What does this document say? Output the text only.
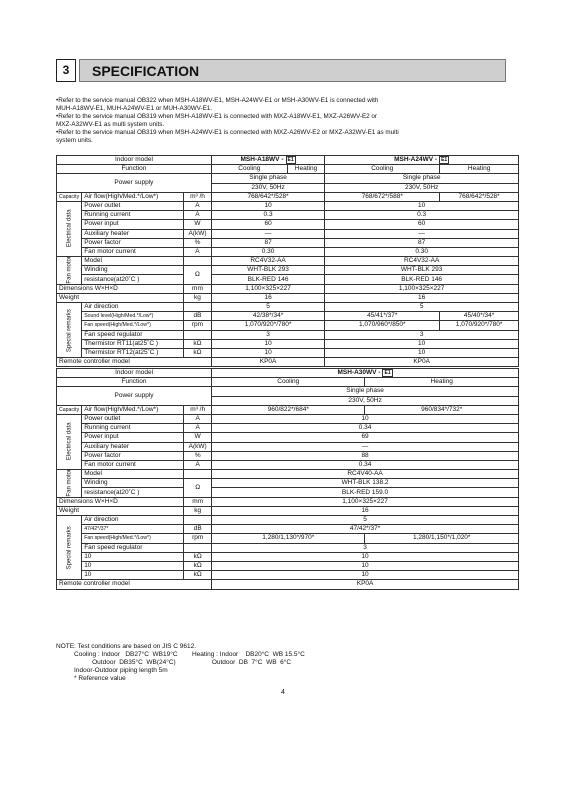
3	SPECIFICATION

•Refer to the service manual OB322 when MSH-A18WV-E1, MSH-A24WV-E1 or MSH-A30WV-E1 is connected with

MUH-A18WV-E1, MUH-A24WV-E1 or MUH-A30WV-E1.

•Refer to the service manual OB319 when MSH-A18WV-E1 is connected with MXZ-A18WV-E1, MXZ-A26WV-E2 or

MXZ-A32WV-E1 as multi system units.

•Refer to the service manual OB319 when MSH-A24WV-E1 is connected with MXZ-A26WV-E2 or MXZ-A32WV-E1 as multi

system units.

Indoor model			MSH-A18WV - E1		MSH-A24WV - E1	
Function			Cooling	Heating	Cooling	Heating
Power supply			Single phase		Single phase	
			230V, 50Hz		230V, 50Hz	
Capacity	Air flow(High/Med.*/Low*)	m³ /h	768/642*/528*		768/672*/588*	768/642*/528*
Electrical data	Power outlet	A	10		10	
	Running current	A	0.3		0.3	
	Power input	W	60		60	
	Auxiliary heater	A(kW)	—		—	
	Power factor	%	87		87	
	Fan motor current	A	0.30		0.30	
Fan motor	Model		RC4V32-AA		RC4V32-AA	
	Winding	Ω	WHT-BLK 293		WHT-BLK 293	
	resistance(at20˚C )		BLK-RED 146		BLK-RED 146	
Dimensions W×H×D		mm	1,100×325×227		1,100×325×227	
Weight		kg	16		16	
Special remarks	Air direction		5		5	
	Sound level(High/Med.*/Low*)	dB	42/38*/34*		45/41*/37*	45/40*/34*
	Fan speed(High/Med.*/Low*)	rpm	1,070/920*/780*		1,070/960*/850*	1,070/920*/780*
	Fan speed regulator		3		3	
	Thermistor RT11(at25˚C )	kΩ	10		10	
	Thermistor RT12(at25˚C )	kΩ	10		10	
Remote controller model			KP0A		KP0A	
Indoor model			MSH-A30WV - E1	
Function			Cooling	Heating
Power supply			Single phase	
			230V, 50Hz	
Capacity	Air flow(High/Med.*/Low*)	m³ /h	960/822*/684*	960/834*/732*
Electrical data	Power outlet	A	10	
	Running current	A	0.34	
	Power input	W	69	
	Auxiliary heater	A(kW)	—	
	Power factor	%	88	
	Fan motor current	A	0.34	
Fan motor	Model		RC4V40-AA	
	Winding	Ω	WHT-BLK 138.2	
	resistance(at20˚C )		BLK-RED 159.0	
Dimensions W×H×D		mm	1,100×325×227	
Weight		kg	16	
Special remarks	Air direction		5	
	47/42*/37*	dB	47/42*/37*	
	Fan speed(High/Med.*/Low*)	rpm	1,280/1,130*/970*	1,280/1,150*/1,020*
	Fan speed regulator		3	
	10	kΩ	10	
	10	kΩ	10	
	10	kΩ	10	
Remote controller model			KP0A	
NOTE: Test conditions are based on JIS C 9612.
Cooling : Indoor   DB27°C  WB19°C        Heating : Indoor    DB20°C  WB 15.5°C
Outdoor  DB35°C  WB(24°C)                    Outdoor  DB  7°C  WB  6°C
Indoor-Outdoor piping length 5m
* Reference value
4
